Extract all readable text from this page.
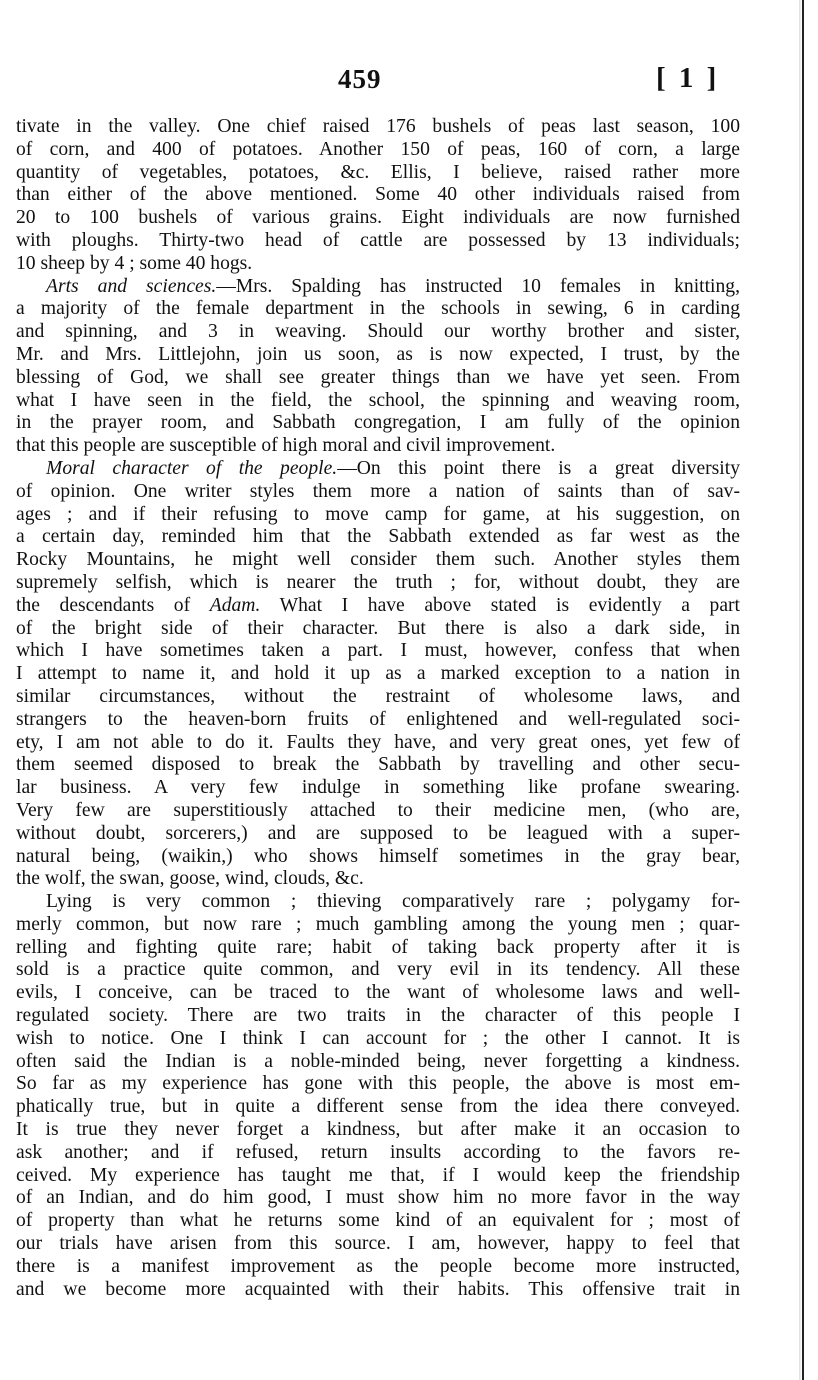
459	[ 1 ]
tivate in the valley. One chief raised 176 bushels of peas last season, 100
of corn, and 400 of potatoes. Another 150 of peas, 160 of corn, a large
quantity of vegetables, potatoes, &c. Ellis, I believe, raised rather more
than either of the above mentioned. Some 40 other individuals raised from
20 to 100 bushels of various grains. Eight individuals are now furnished
with ploughs. Thirty-two head of cattle are possessed by 13 individuals;
10 sheep by 4 ; some 40 hogs.
Arts and sciences.—Mrs. Spalding has instructed 10 females in knitting,
a majority of the female department in the schools in sewing, 6 in carding
and spinning, and 3 in weaving. Should our worthy brother and sister,
Mr. and Mrs. Littlejohn, join us soon, as is now expected, I trust, by the
blessing of God, we shall see greater things than we have yet seen. From
what I have seen in the field, the school, the spinning and weaving room,
in the prayer room, and Sabbath congregation, I am fully of the opinion
that this people are susceptible of high moral and civil improvement.
Moral character of the people.—On this point there is a great diversity
of opinion. One writer styles them more a nation of saints than of sav-
ages ; and if their refusing to move camp for game, at his suggestion, on
a certain day, reminded him that the Sabbath extended as far west as the
Rocky Mountains, he might well consider them such. Another styles them
supremely selfish, which is nearer the truth ; for, without doubt, they are
the descendants of Adam. What I have above stated is evidently a part
of the bright side of their character. But there is also a dark side, in
which I have sometimes taken a part. I must, however, confess that when
I attempt to name it, and hold it up as a marked exception to a nation in
similar circumstances, without the restraint of wholesome laws, and
strangers to the heaven-born fruits of enlightened and well-regulated soci-
ety, I am not able to do it. Faults they have, and very great ones, yet few of
them seemed disposed to break the Sabbath by travelling and other secu-
lar business. A very few indulge in something like profane swearing.
Very few are superstitiously attached to their medicine men, (who are,
without doubt, sorcerers,) and are supposed to be leagued with a super-
natural being, (waikin,) who shows himself sometimes in the gray bear,
the wolf, the swan, goose, wind, clouds, &c.
Lying is very common ; thieving comparatively rare ; polygamy for-
merly common, but now rare ; much gambling among the young men ; quar-
relling and fighting quite rare; habit of taking back property after it is
sold is a practice quite common, and very evil in its tendency. All these
evils, I conceive, can be traced to the want of wholesome laws and well-
regulated society. There are two traits in the character of this people I
wish to notice. One I think I can account for ; the other I cannot. It is
often said the Indian is a noble-minded being, never forgetting a kindness.
So far as my experience has gone with this people, the above is most em-
phatically true, but in quite a different sense from the idea there conveyed.
It is true they never forget a kindness, but after make it an occasion to
ask another; and if refused, return insults according to the favors re-
ceived. My experience has taught me that, if I would keep the friendship
of an Indian, and do him good, I must show him no more favor in the way
of property than what he returns some kind of an equivalent for ; most of
our trials have arisen from this source. I am, however, happy to feel that
there is a manifest improvement as the people become more instructed,
and we become more acquainted with their habits. This offensive trait in
